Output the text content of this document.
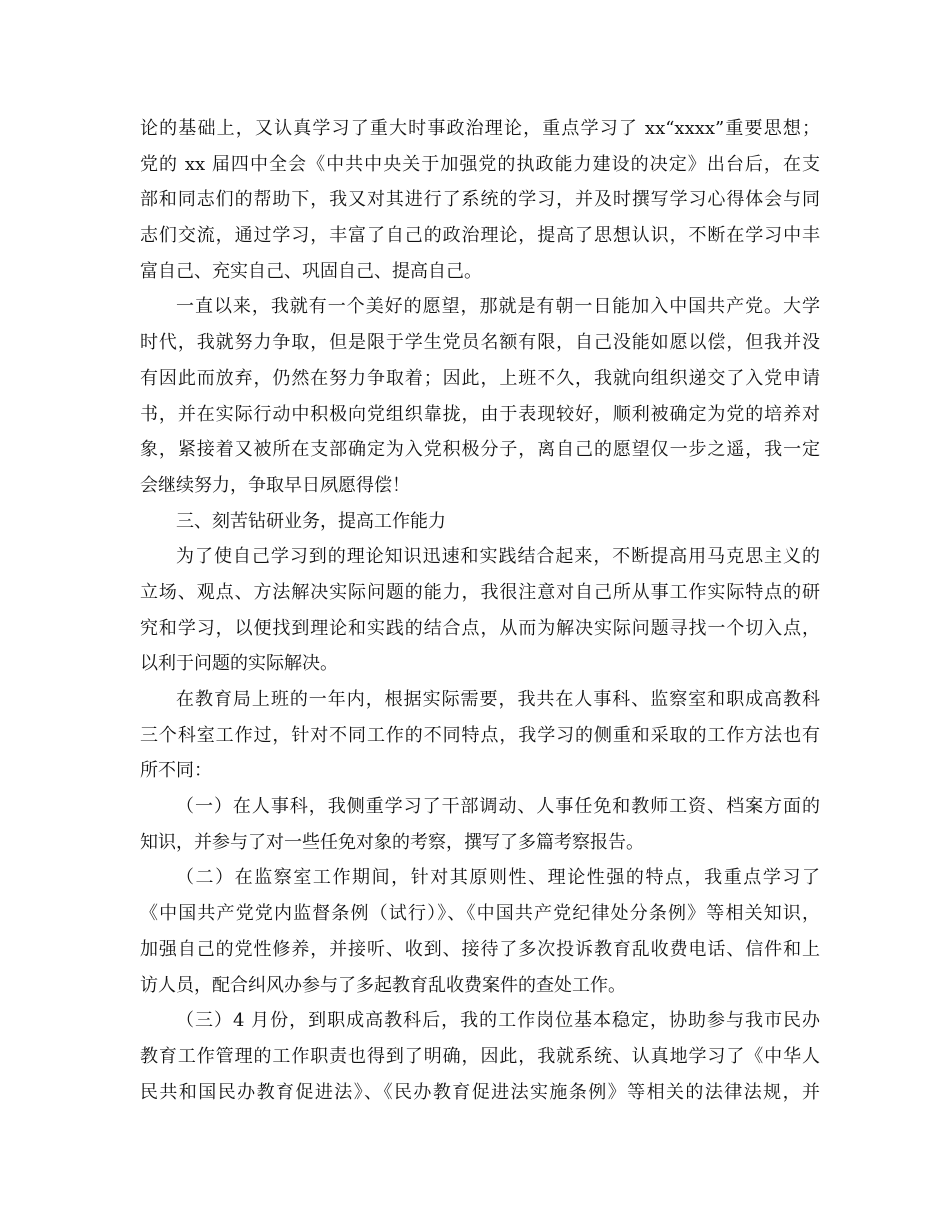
论的基础上，又认真学习了重大时事政治理论，重点学习了 xx“xxxx”重要思想；
党的 xx 届四中全会《中共中央关于加强党的执政能力建设的决定》出台后，在支
部和同志们的帮助下，我又对其进行了系统的学习，并及时撰写学习心得体会与同
志们交流，通过学习，丰富了自己的政治理论，提高了思想认识，不断在学习中丰
富自己、充实自己、巩固自己、提高自己。
一直以来，我就有一个美好的愿望，那就是有朝一日能加入中国共产党。大学
时代，我就努力争取，但是限于学生党员名额有限，自己没能如愿以偿，但我并没
有因此而放弃，仍然在努力争取着；因此，上班不久，我就向组织递交了入党申请
书，并在实际行动中积极向党组织靠拢，由于表现较好，顺利被确定为党的培养对
象，紧接着又被所在支部确定为入党积极分子，离自己的愿望仅一步之遥，我一定
会继续努力，争取早日夙愿得偿！
三、刻苦钻研业务，提高工作能力
为了使自己学习到的理论知识迅速和实践结合起来，不断提高用马克思主义的
立场、观点、方法解决实际问题的能力，我很注意对自己所从事工作实际特点的研
究和学习，以便找到理论和实践的结合点，从而为解决实际问题寻找一个切入点，
以利于问题的实际解决。
在教育局上班的一年内，根据实际需要，我共在人事科、监察室和职成高教科
三个科室工作过，针对不同工作的不同特点，我学习的侧重和采取的工作方法也有
所不同：
（一）在人事科，我侧重学习了干部调动、人事任免和教师工资、档案方面的
知识，并参与了对一些任免对象的考察，撰写了多篇考察报告。
（二）在监察室工作期间，针对其原则性、理论性强的特点，我重点学习了
《中国共产党党内监督条例（试行）》、《中国共产党纪律处分条例》等相关知识，
加强自己的党性修养，并接听、收到、接待了多次投诉教育乱收费电话、信件和上
访人员，配合纠风办参与了多起教育乱收费案件的查处工作。
（三）4 月份，到职成高教科后，我的工作岗位基本稳定，协助参与我市民办
教育工作管理的工作职责也得到了明确，因此，我就系统、认真地学习了《中华人
民共和国民办教育促进法》、《民办教育促进法实施条例》等相关的法律法规，并
